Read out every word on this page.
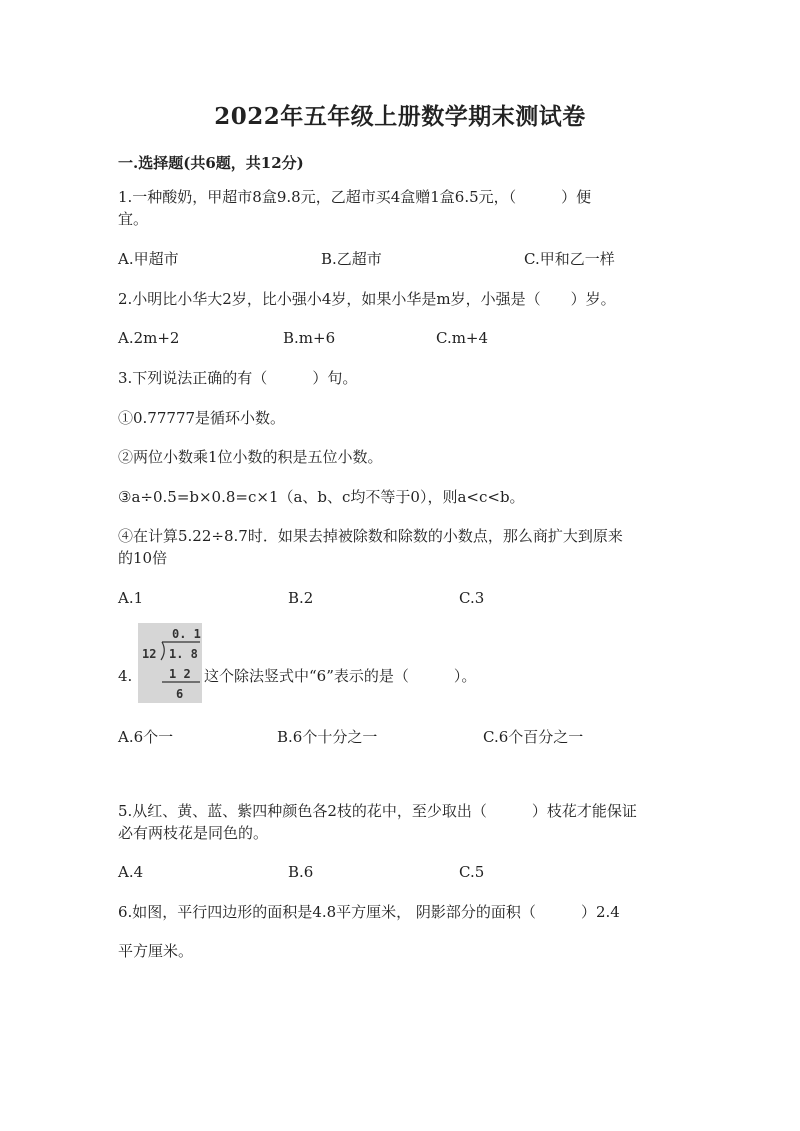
2022年五年级上册数学期末测试卷
一.选择题(共6题，共12分)
1.一种酸奶，甲超市8盒9.8元，乙超市买4盒赠1盒6.5元，（　　　）便
宜。
A.甲超市	B.乙超市	C.甲和乙一样
2.小明比小华大2岁，比小强小4岁，如果小华是m岁，小强是（　　）岁。
A.2m+2	B.m+6	C.m+4
3.下列说法正确的有（　　　）句。
①0.77777是循环小数。
②两位小数乘1位小数的积是五位小数。
③a÷0.5=b×0.8=c×1（a、b、c均不等于0），则a<c<b。
④在计算5.22÷8.7时．如果去掉被除数和除数的小数点，那么商扩大到原来
的10倍
A.1	B.2	C.3
4.
0. 1
12 1. 8
1 2
6
这个除法竖式中“6”表示的是（　　　）。
A.6个一	B.6个十分之一	C.6个百分之一
5.从红、黄、蓝、紫四种颜色各2枝的花中，至少取出（　　　）枝花才能保证
必有两枝花是同色的。
A.4	B.6	C.5
6.如图，平行四边形的面积是4.8平方厘米， 阴影部分的面积（　　　）2.4
平方厘米。
